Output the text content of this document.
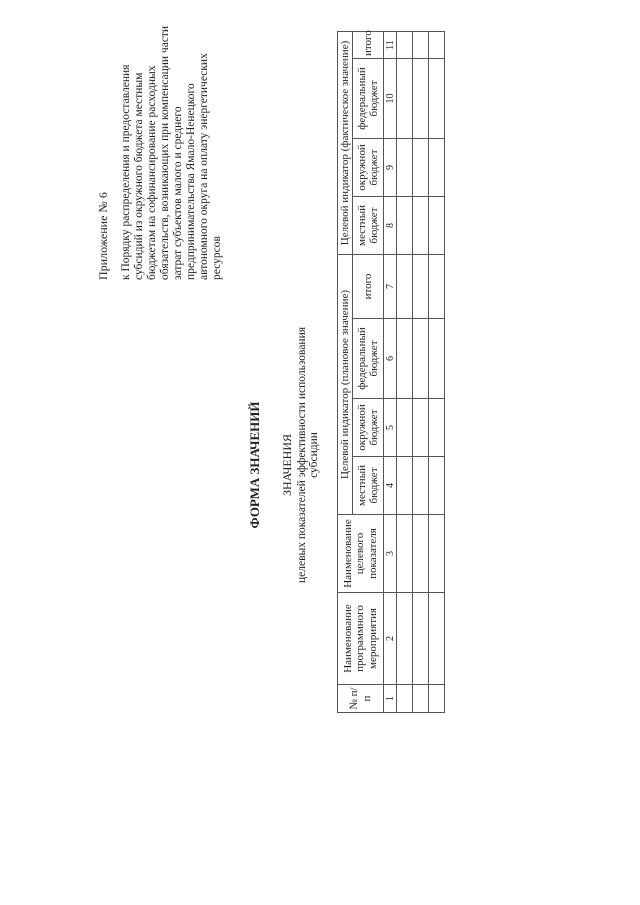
Приложение № 6 к Порядку распределения и предоставления субсидий из окружного бюджета местным бюджетам на софинансирование расходных обязательств, возникающих при компенсации части затрат субъектов малого и среднего предпринимательства Ямало-Ненецкого автономного округа на оплату энергетических ресурсов
ФОРМА ЗНАЧЕНИЙ ЗНАЧЕНИЯ целевых показателей эффективности использования субсидии
№ п/п	Наименование программного мероприятия	Наименование целевого показателя	Целевой индикатор (плановое значение)				Целевой индикатор (фактическое значение)			
			местный бюджет	окружной бюджет	федеральный бюджет	итого	местный бюджет	окружной бюджет	федеральный бюджет	итого
1	2	3	4	5	6	7	8	9	10	11
